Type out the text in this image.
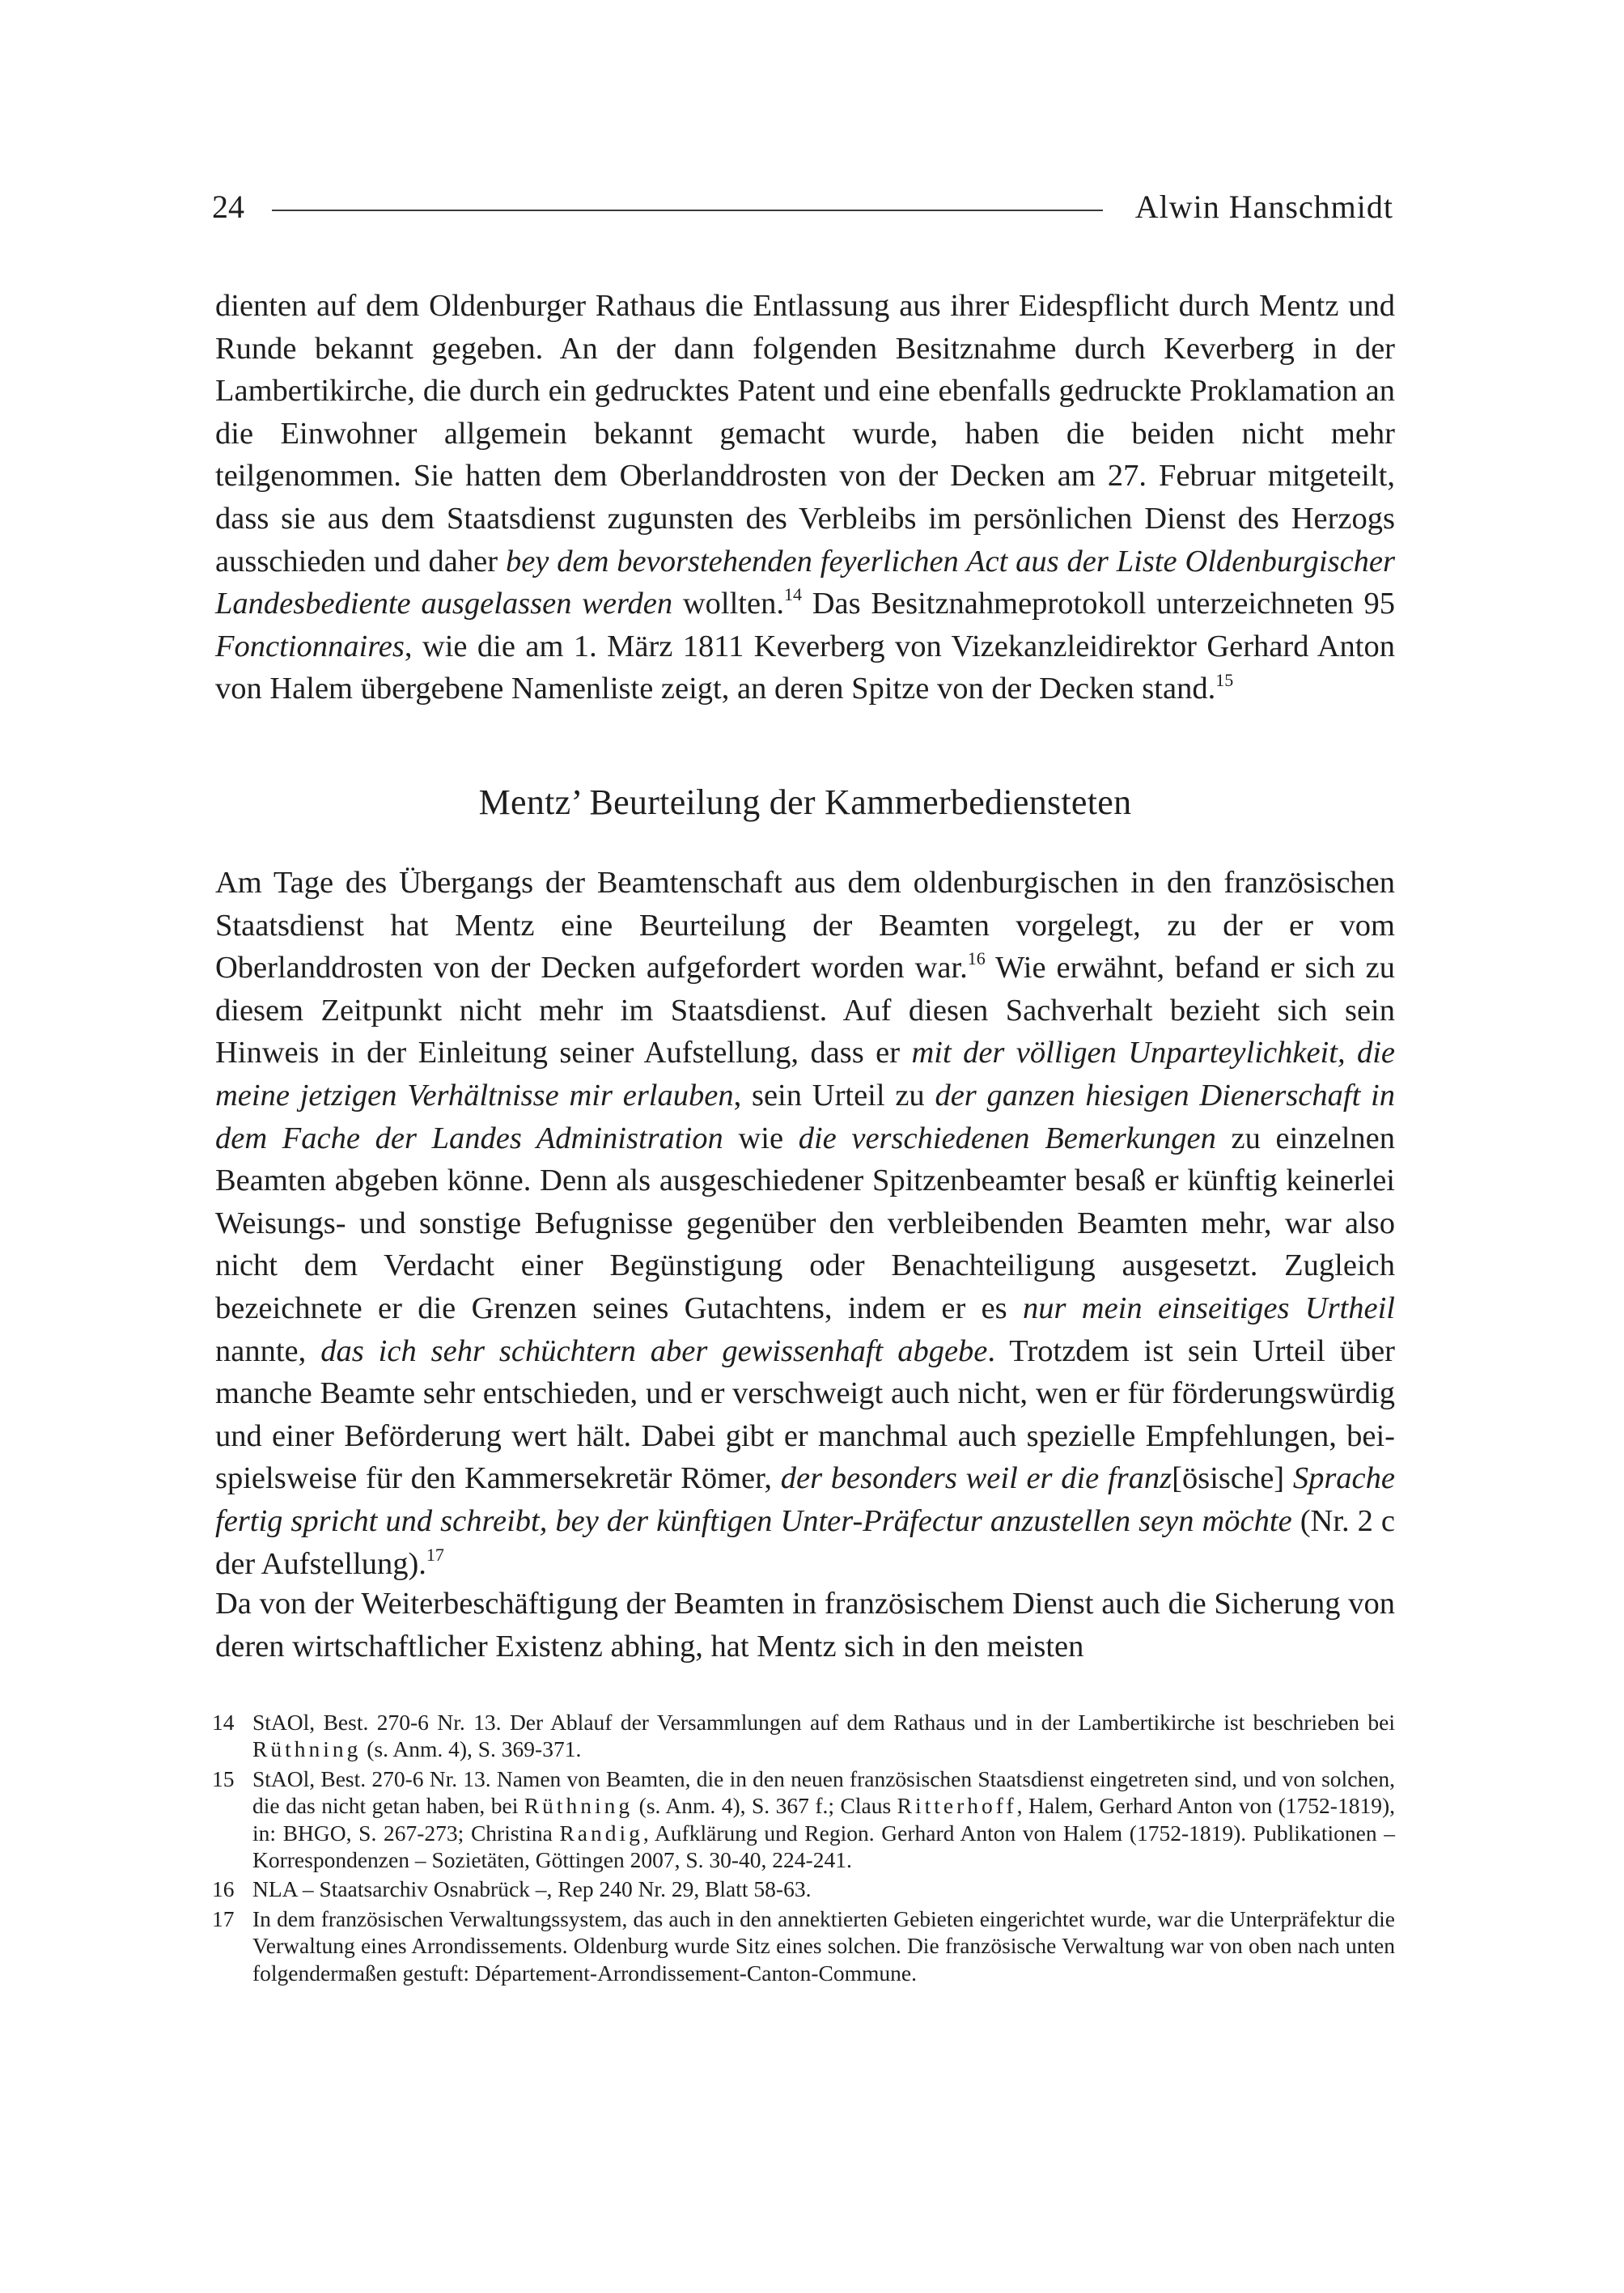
24	Alwin Hanschmidt

dienten auf dem Oldenburger Rathaus die Entlassung aus ihrer Eidespflicht durch Mentz und Runde bekannt gegeben. An der dann folgenden Besitznahme durch Keverberg in der Lambertikirche, die durch ein gedrucktes Patent und eine ebenfalls gedruckte Proklamation an die Einwohner allgemein bekannt gemacht wurde, haben die beiden nicht mehr teilgenommen. Sie hatten dem Oberlanddrosten von der Decken am 27. Februar mitgeteilt, dass sie aus dem Staatsdienst zugunsten des Verbleibs im persönlichen Dienst des Herzogs ausschieden und daher bey dem bevorstehenden feyerlichen Act aus der Liste Oldenburgischer Landesbediente ausgelassen werden wollten.$^{14}$ Das Besitznahmeprotokoll unterzeichneten 95 Fonctionnaires, wie die am 1. März 1811 Keverberg von Vizekanzleidirektor Gerhard Anton von Halem übergebene Namenliste zeigt, an deren Spitze von der Decken stand.$^{15}$

Mentz’ Beurteilung der Kammerbediensteten

Am Tage des Übergangs der Beamtenschaft aus dem oldenburgischen in den französischen Staatsdienst hat Mentz eine Beurteilung der Beamten vorgelegt, zu der er vom Oberlanddrosten von der Decken aufgefordert worden war.$^{16}$ Wie erwähnt, befand er sich zu diesem Zeitpunkt nicht mehr im Staatsdienst. Auf diesen Sachverhalt bezieht sich sein Hinweis in der Einleitung seiner Aufstellung, dass er mit der völligen Unparteylichkeit, die meine jetzigen Verhältnisse mir erlauben, sein Urteil zu der ganzen hiesigen Dienerschaft in dem Fache der Landes Administration wie die verschiedenen Bemerkungen zu einzelnen Beamten abgeben könne. Denn als ausgeschiedener Spitzenbeamter besaß er künftig keinerlei Weisungs- und sonstige Befugnisse gegenüber den verbleibenden Beamten mehr, war also nicht dem Verdacht einer Begünstigung oder Benachteiligung ausgesetzt. Zugleich bezeichnete er die Grenzen seines Gutachtens, indem er es nur mein einseitiges Urtheil nannte, das ich sehr schüchtern aber gewissenhaft abgebe. Trotzdem ist sein Urteil über manche Beamte sehr entschieden, und er verschweigt auch nicht, wen er für förderungswürdig und einer Beförderung wert hält. Dabei gibt er manchmal auch spezielle Empfehlungen, beispielsweise für den Kammersekretär Römer, der besonders weil er die franz[ösische] Sprache fertig spricht und schreibt, bey der künftigen Unter-Präfectur anzustellen seyn möchte (Nr. 2 c der Aufstellung).$^{17}$

Da von der Weiterbeschäftigung der Beamten in französischem Dienst auch die Sicherung von deren wirtschaftlicher Existenz abhing, hat Mentz sich in den meisten

14 StAOl, Best. 270-6 Nr. 13. Der Ablauf der Versammlungen auf dem Rathaus und in der Lambertikirche ist beschrieben bei Rüthning (s. Anm. 4), S. 369-371.
15 StAOl, Best. 270-6 Nr. 13. Namen von Beamten, die in den neuen französischen Staatsdienst eingetreten sind, und von solchen, die das nicht getan haben, bei Rüthning (s. Anm. 4), S. 367 f.; Claus Ritterhoff, Halem, Gerhard Anton von (1752-1819), in: BHGO, S. 267-273; Christina Randig, Aufklärung und Region. Gerhard Anton von Halem (1752-1819). Publikationen – Korrespondenzen – Sozietäten, Göttingen 2007, S. 30-40, 224-241.
16 NLA – Staatsarchiv Osnabrück –, Rep 240 Nr. 29, Blatt 58-63.
17 In dem französischen Verwaltungssystem, das auch in den annektierten Gebieten eingerichtet wurde, war die Unterpräfektur die Verwaltung eines Arrondissements. Oldenburg wurde Sitz eines solchen. Die französische Verwaltung war von oben nach unten folgendermaßen gestuft: Département-Arrondissement-Canton-Commune.
